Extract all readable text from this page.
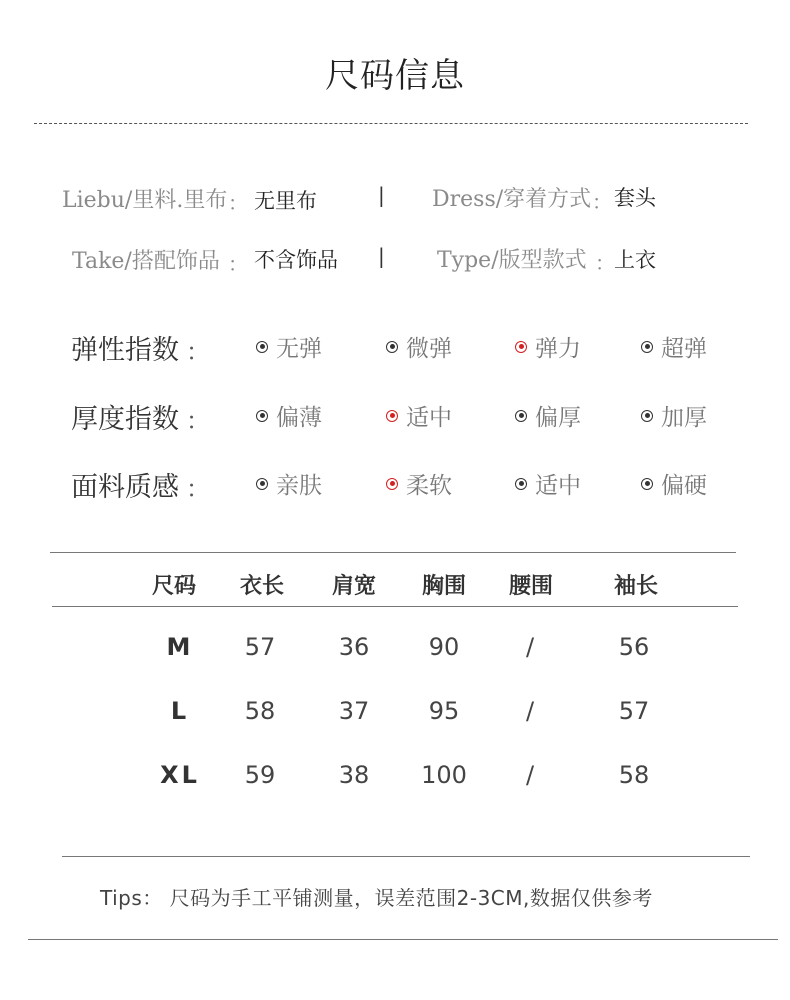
尺码信息
Liebu/里料.里布 ： 无里布	| Dress/穿着方式 ： 套头
Take/搭配饰品 ： 不含饰品 | Type/版型款式 ： 上衣
弹性指数 ：	无弹	微弹	弹力	超弹
厚度指数 ：	偏薄	适中	偏厚	加厚
面料质感 ：	亲肤	柔软	适中	偏硬
尺码	衣长	肩宽	胸围	腰围	袖长
M	57	36	90	/	56
L	58	37	95	/	57
XL	59	38	100	/	58
Tips： 尺码为手工平铺测量，误差范围2-3CM,数据仅供参考
